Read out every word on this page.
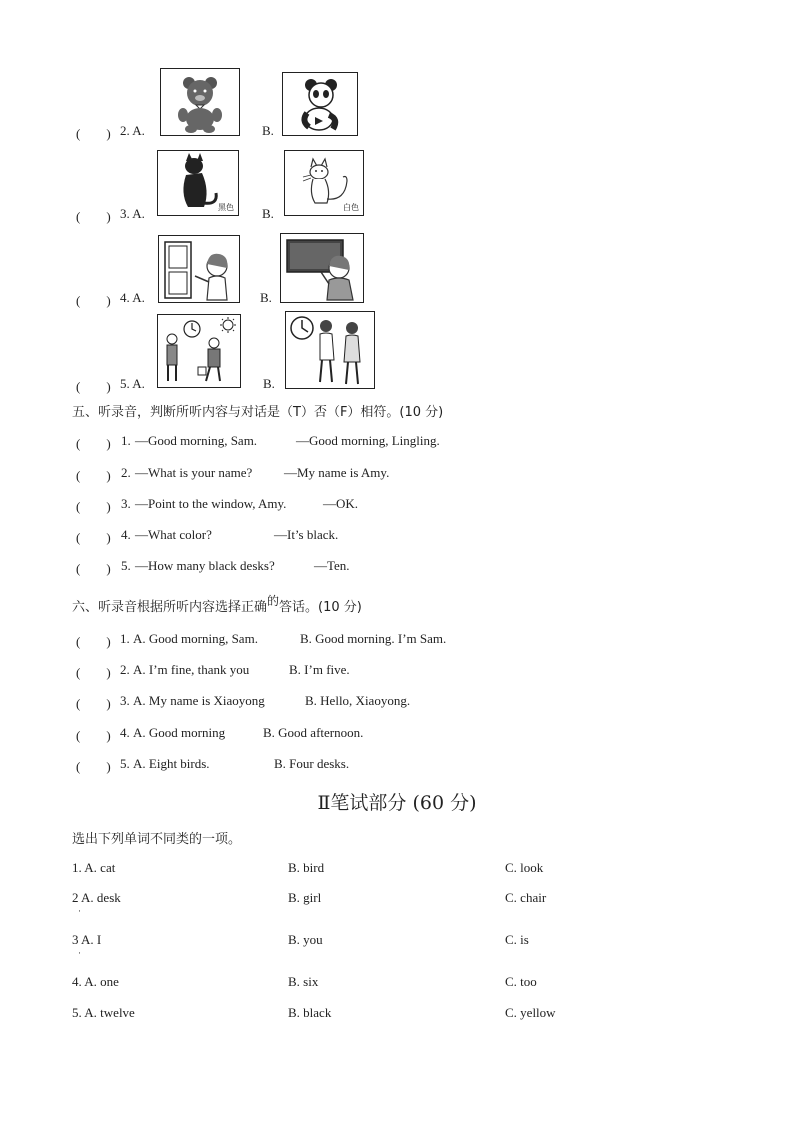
(　　) 2. A.	B.
(　　) 3. A.	黑色 B.	白色
(　　) 4. A.	B.
(　　) 5. A.	B.
五、听录音，判断所听内容与对话是（T）否（F）相符。(10 分)
(　　) 1. —Good morning, Sam.	—Good morning, Lingling.
(　　) 2. —What is your name? —My name is Amy.
(　　) 3. —Point to the window, Amy.	—OK.
(　　) 4. —What color?	—It’s black.
(　　) 5. —How many black desks?	—Ten.
六、听录音根据所听内容选择正确的答话。(10 分)
(　　) 1. A. Good morning, Sam.	B. Good morning. I’m Sam.
(　　) 2. A. I’m fine, thank you	B. I’m five.
(　　) 3. A. My name is Xiaoyong	B. Hello, Xiaoyong.
(　　) 4. A. Good morning	B. Good afternoon.
(　　) 5. A. Eight birds.	B. Four desks.
Ⅱ笔试部分 (60 分)
选出下列单词不同类的一项。
1. A. cat	B. bird	C. look
2 A. desk	B. girl	C. chair
·
3 A. I	B. you	C. is
·
4. A. one	B. six	C. too
5. A. twelve	B. black	C. yellow
